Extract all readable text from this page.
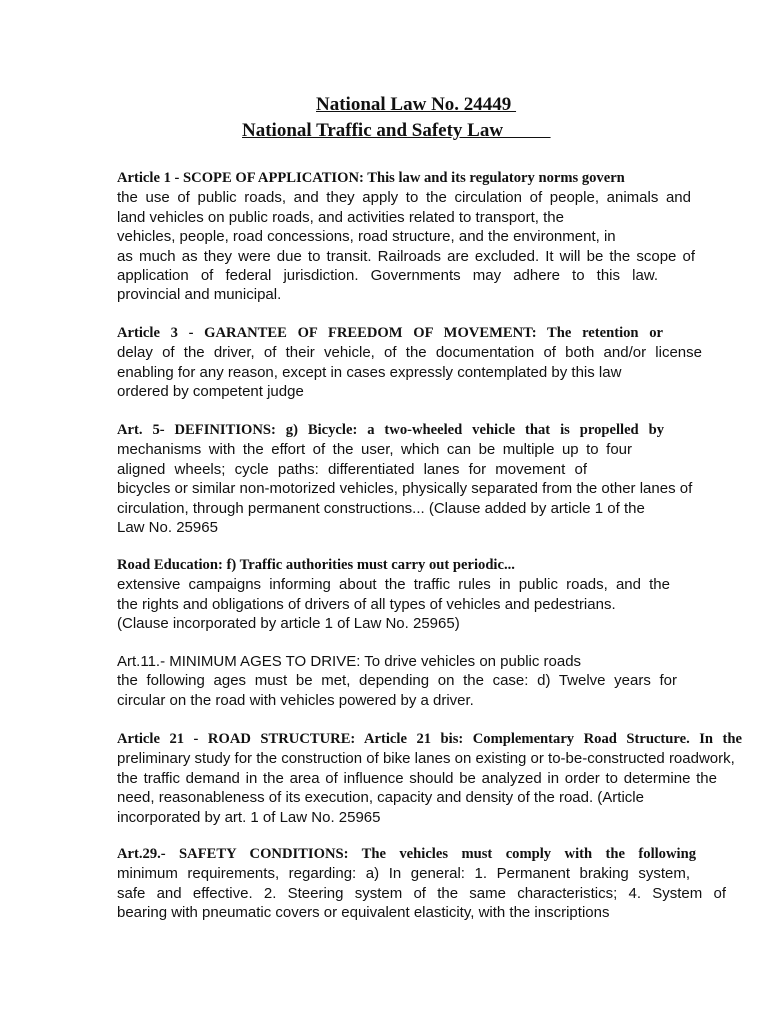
National Law No. 24449
National Traffic and Safety Law
Article 1 - SCOPE OF APPLICATION: This law and its regulatory norms govern
the use of public roads, and they apply to the circulation of people, animals and
land vehicles on public roads, and activities related to transport, the
vehicles, people, road concessions, road structure, and the environment, in
as much as they were due to transit. Railroads are excluded. It will be the scope of
application of federal jurisdiction. Governments may adhere to this law.
provincial and municipal.
Article 3 - GARANTEE OF FREEDOM OF MOVEMENT: The retention or
delay of the driver, of their vehicle, of the documentation of both and/or license
enabling for any reason, except in cases expressly contemplated by this law
ordered by competent judge
Art. 5- DEFINITIONS: g) Bicycle: a two-wheeled vehicle that is propelled by
mechanisms with the effort of the user, which can be multiple up to four
aligned wheels; cycle paths: differentiated lanes for movement of
bicycles or similar non-motorized vehicles, physically separated from the other lanes of
circulation, through permanent constructions... (Clause added by article 1 of the
Law No. 25965
Road Education: f) Traffic authorities must carry out periodic...
extensive campaigns informing about the traffic rules in public roads, and the
the rights and obligations of drivers of all types of vehicles and pedestrians.
(Clause incorporated by article 1 of Law No. 25965)
Art.11.- MINIMUM AGES TO DRIVE: To drive vehicles on public roads
the following ages must be met, depending on the case: d) Twelve years for
circular on the road with vehicles powered by a driver.
Article 21 - ROAD STRUCTURE: Article 21 bis: Complementary Road Structure. In the
preliminary study for the construction of bike lanes on existing or to-be-constructed roadwork,
the traffic demand in the area of influence should be analyzed in order to determine the
need, reasonableness of its execution, capacity and density of the road. (Article
incorporated by art. 1 of Law No. 25965
Art.29.- SAFETY CONDITIONS: The vehicles must comply with the following
minimum requirements, regarding: a) In general: 1. Permanent braking system,
safe and effective. 2. Steering system of the same characteristics; 4. System of
bearing with pneumatic covers or equivalent elasticity, with the inscriptions
